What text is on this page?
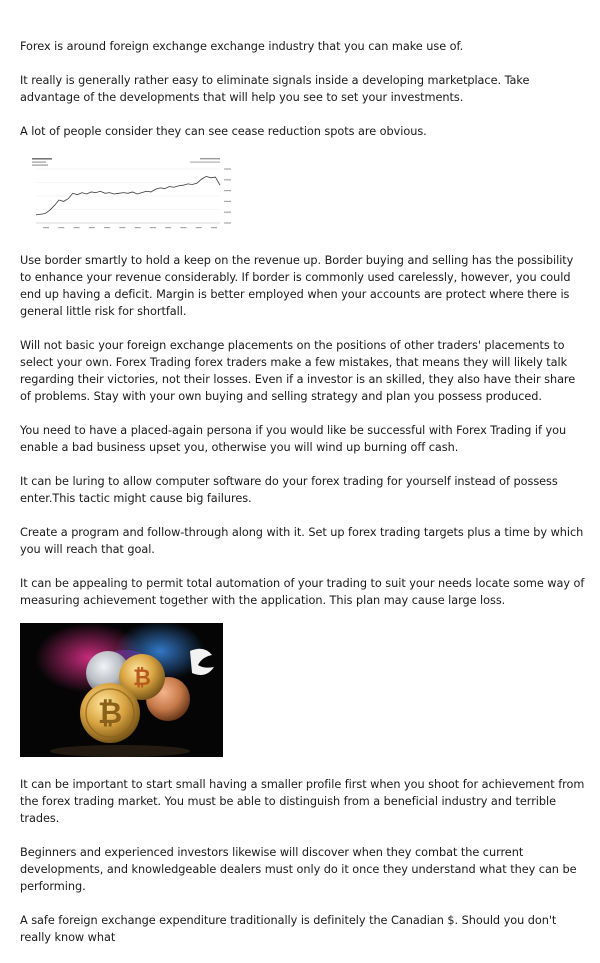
Forex is around foreign exchange exchange industry that you can make use of.

It really is generally rather easy to eliminate signals inside a developing marketplace. Take advantage of the developments that will help you see to set your investments.

A lot of people consider they can see cease reduction spots are obvious.

Use border smartly to hold a keep on the revenue up. Border buying and selling has the possibility to enhance your revenue considerably. If border is commonly used carelessly, however, you could end up having a deficit. Margin is better employed when your accounts are protect where there is general little risk for shortfall.

Will not basic your foreign exchange placements on the positions of other traders' placements to select your own. Forex Trading forex traders make a few mistakes, that means they will likely talk regarding their victories, not their losses. Even if a investor is an skilled, they also have their share of problems. Stay with your own buying and selling strategy and plan you possess produced.

You need to have a placed-again persona if you would like be successful with Forex Trading if you enable a bad business upset you, otherwise you will wind up burning off cash.

It can be luring to allow computer software do your forex trading for yourself instead of possess enter.This tactic might cause big failures.

Create a program and follow-through along with it. Set up forex trading targets plus a time by which you will reach that goal.

It can be appealing to permit total automation of your trading to suit your needs locate some way of measuring achievement together with the application. This plan may cause large loss.

₿
₿

It can be important to start small having a smaller profile first when you shoot for achievement from the forex trading market. You must be able to distinguish from a beneficial industry and terrible trades.

Beginners and experienced investors likewise will discover when they combat the current developments, and knowledgeable dealers must only do it once they understand what they can be performing.

A safe foreign exchange expenditure traditionally is definitely the Canadian $. Should you don't really know what
